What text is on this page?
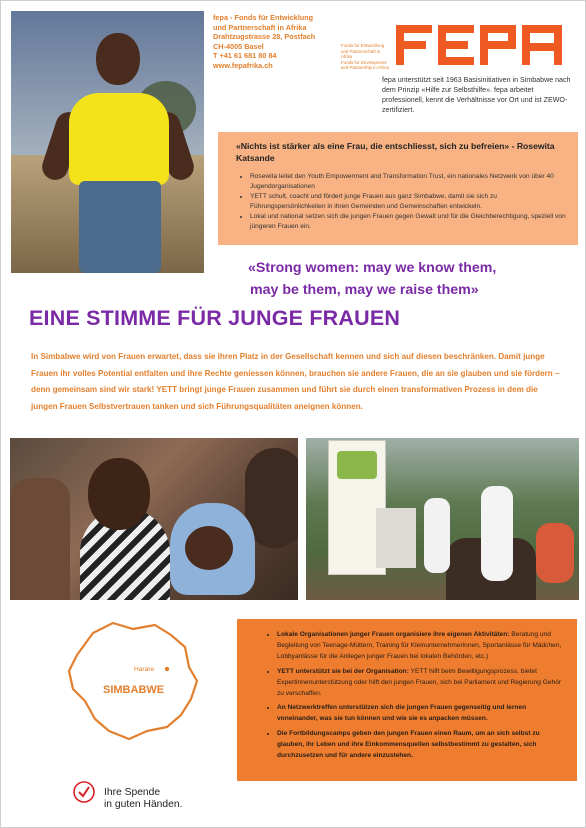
fepa - Fonds für Entwicklung
und Partnerschaft in Afrika
Drahtzugstrasse 28, Postfach
CH-4005 Basel
T +41 61 681 80 84
www.fepafrika.ch
Fonds für Entwicklung
und Partnerschaft in Afrika
Fonds for Development
and Partnership in Africa
fepa unterstützt seit 1963 Basisinitiativen in Simbabwe nach dem Prinzip «Hilfe zur Selbsthilfe». fepa arbeitet professionell, kennt die Verhältnisse vor Ort und ist ZEWO-zertifiziert.
«Nichts ist stärker als eine Frau, die entschliesst, sich zu befreien» - Rosewita Katsande
• Rosewita leitet den Youth Empowerment and Transformation Trust, ein nationales Netzwerk von über 40 Jugendorganisationen
• YETT schult, coacht und fördert junge Frauen aus ganz Simbabwe, damit sie sich zu Führungspersönlichkeiten in ihren Gemeinden und Gemeinschaften entwickeln.
• Lokal und national setzen sich die jungen Frauen gegen Gewalt und für die Gleichberechtigung, speziell von jüngeren Frauen ein.
«Strong women: may we know them,
may be them, may we raise them»
EINE STIMME FÜR JUNGE FRAUEN
In Simbabwe wird von Frauen erwartet, dass sie ihren Platz in der Gesellschaft kennen und sich auf diesen beschränken. Damit junge Frauen ihr volles Potential entfalten und ihre Rechte geniessen können, brauchen sie andere Frauen, die an sie glauben und sie fördern – denn gemeinsam sind wir stark! YETT bringt junge Frauen zusammen und führt sie durch einen transformativen Prozess in dem die jungen Frauen Selbstvertrauen tanken und sich Führungsqualitäten aneignen können.
Harare
SIMBABWE
• Lokale Organisationen junger Frauen organisiere ihre eigenen Aktivitäten: Beratung und Begleitung von Teenage-Müttern, Training für Kleinunternehmerinnen, Sportanlässe für Mädchen, Lobbyanlässe für die Anliegen junger Frauen bei lokalen Behörden, etc.)
• YETT unterstützt sie bei der Organisation: YETT hilft beim Bewilligungsprozess, bietet Expertinnenunterstützung oder hilft den jungen Frauen, sich bei Parliament und Regierung Gehör zu verschaffen.
• An Netzwerktreffen unterstützen sich die jungen Frauen gegenseitig und lernen voneinander, was sie tun können und wie sie es anpacken müssen.
• Die Fortbildungscamps geben den jungen Frauen einen Raum, um an sich selbst zu glauben, ihr Leben und ihre Einkommensquellen selbstbestimmt zu gestalten, sich durchzusetzen und für andere einzustehen.
Ihre Spende
in guten Händen.
